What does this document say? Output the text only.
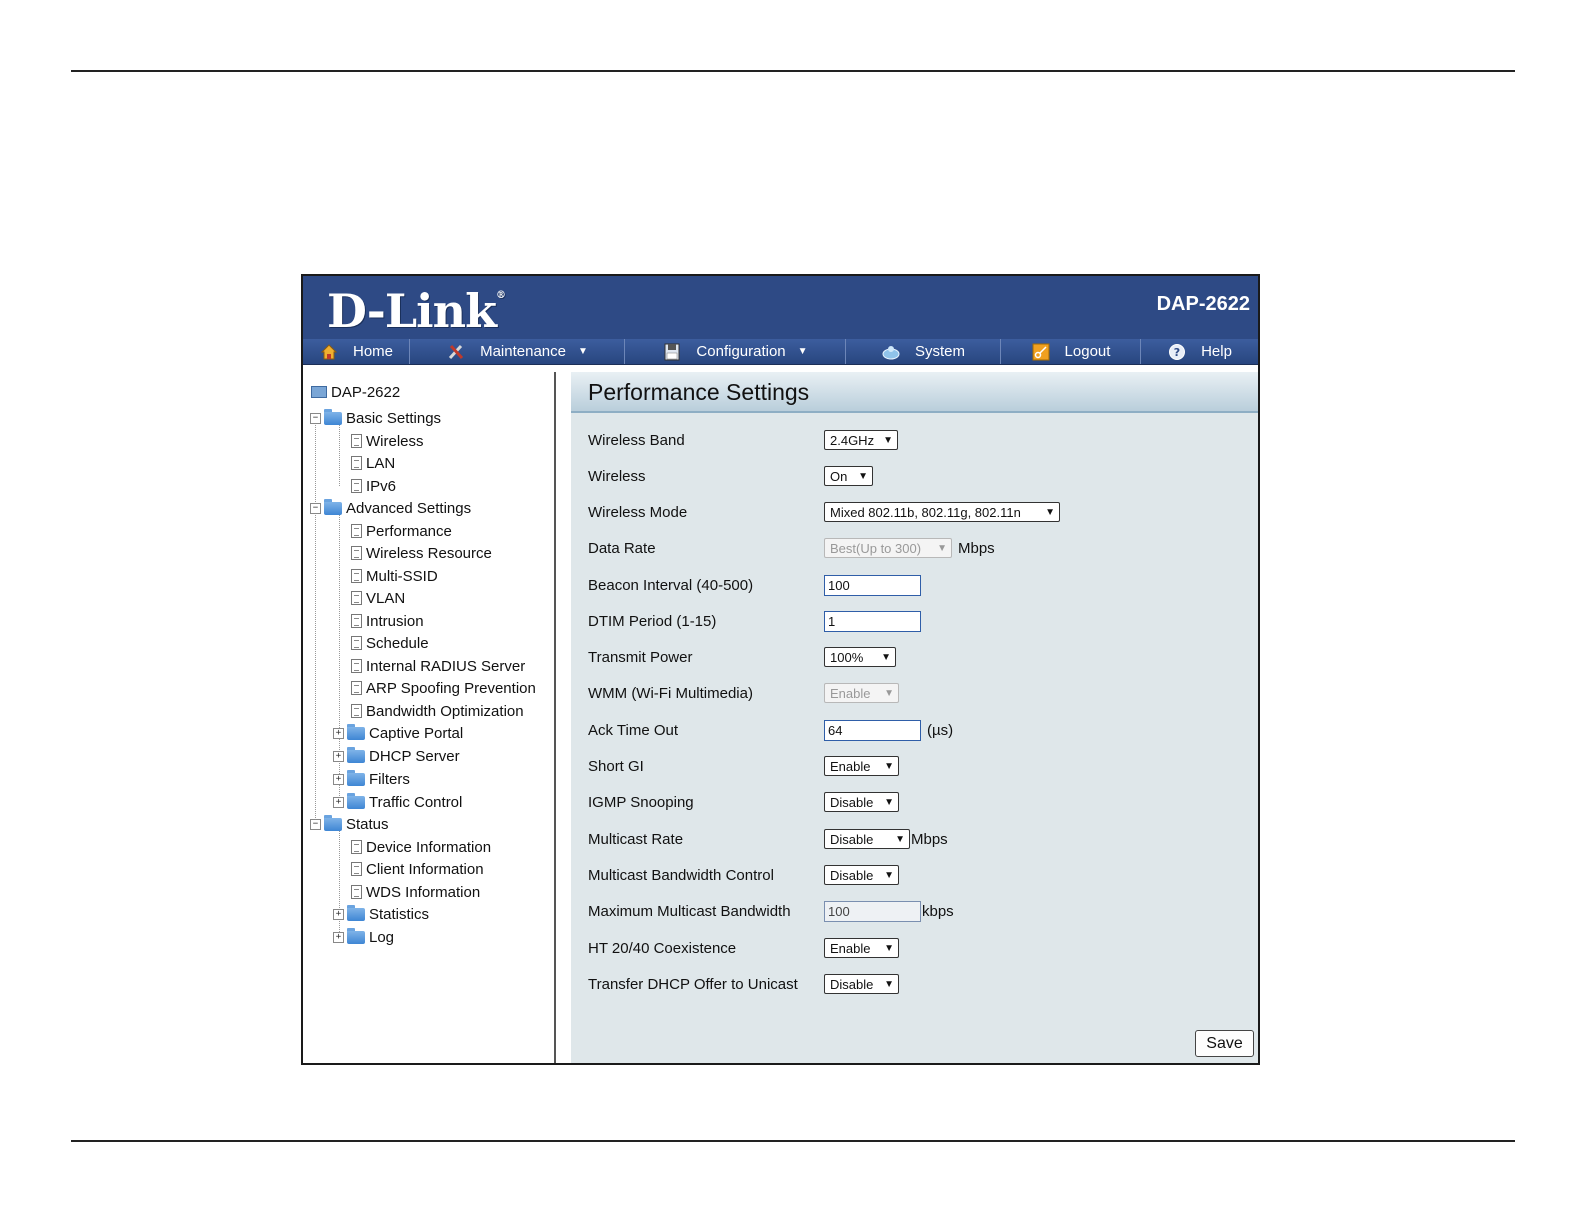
D-Link®	DAP-2622
Home	Maintenance ▼	Configuration ▼	System	Logout	? Help
DAP-2622
− Basic Settings
Wireless
LAN
IPv6
− Advanced Settings
Performance
Wireless Resource
Multi-SSID
VLAN
Intrusion
Schedule
Internal RADIUS Server
ARP Spoofing Prevention
Bandwidth Optimization
+ Captive Portal
+ DHCP Server
+ Filters
+ Traffic Control
− Status
Device Information
Client Information
WDS Information
+ Statistics
+ Log
Performance Settings
Wireless Band	2.4GHz ▼
Wireless	On ▼
Wireless Mode	Mixed 802.11b, 802.11g, 802.11n ▼
Data Rate	Best(Up to 300) ▼ Mbps
Beacon Interval (40-500)	100
DTIM Period (1-15)	1
Transmit Power	100% ▼
WMM (Wi-Fi Multimedia)	Enable ▼
Ack Time Out	64	(µs)
Short GI	Enable ▼
IGMP Snooping	Disable ▼
Multicast Rate	Disable ▼ Mbps
Multicast Bandwidth Control	Disable ▼
Maximum Multicast Bandwidth	100	kbps
HT 20/40 Coexistence	Enable ▼
Transfer DHCP Offer to Unicast	Disable ▼
Save
